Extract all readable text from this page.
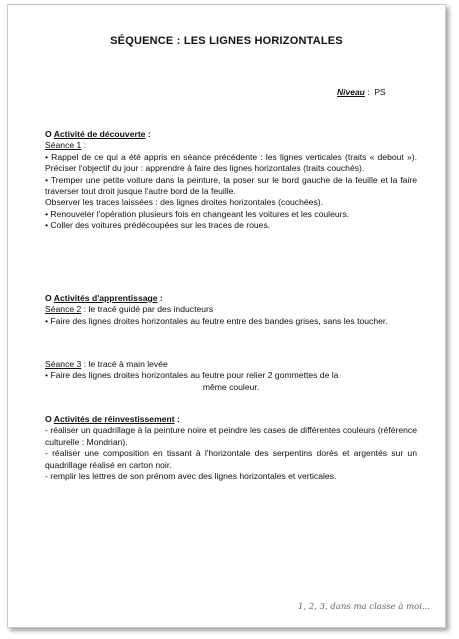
SÉQUENCE : LES LIGNES HORIZONTALES
Niveau : PS
O Activité de découverte :
Séance 1 :

• Rappel de ce qui a été appris en séance précédente : les lignes verticales (traits « debout »). Préciser l'objectif du jour : apprendre à faire des lignes horizontales (traits couchés).

• Tremper une petite voiture dans la peinture, la poser sur le bord gauche de la feuille et la faire traverser tout droit jusque l'autre bord de la feuille.

Observer les traces laissées : des lignes droites horizontales (couchées).

• Renouveler l'opération plusieurs fois en changeant les voitures et les couleurs.

• Coller des voitures prédécoupées sur les traces de roues.

O Activités d'apprentissage :
Séance 2 : le tracé guidé par des inducteurs

• Faire des lignes droites horizontales au feutre entre des bandes grises, sans les toucher.

Séance 3 : le tracé à main levée

• Faire des lignes droites horizontales au feutre pour relier 2 gommettes de la

même couleur.

O Activités de réinvestissement :

- réaliser un quadrillage à la peinture noire et peindre les cases de différentes couleurs (référence culturelle : Mondrian).

- réaliser une composition en tissant à l'horizontale des serpentins dorés et argentés sur un quadrillage réalisé en carton noir.

- remplir les lettres de son prénom avec des lignes horizontales et verticales.

1, 2, 3, dans ma classe à moi...
